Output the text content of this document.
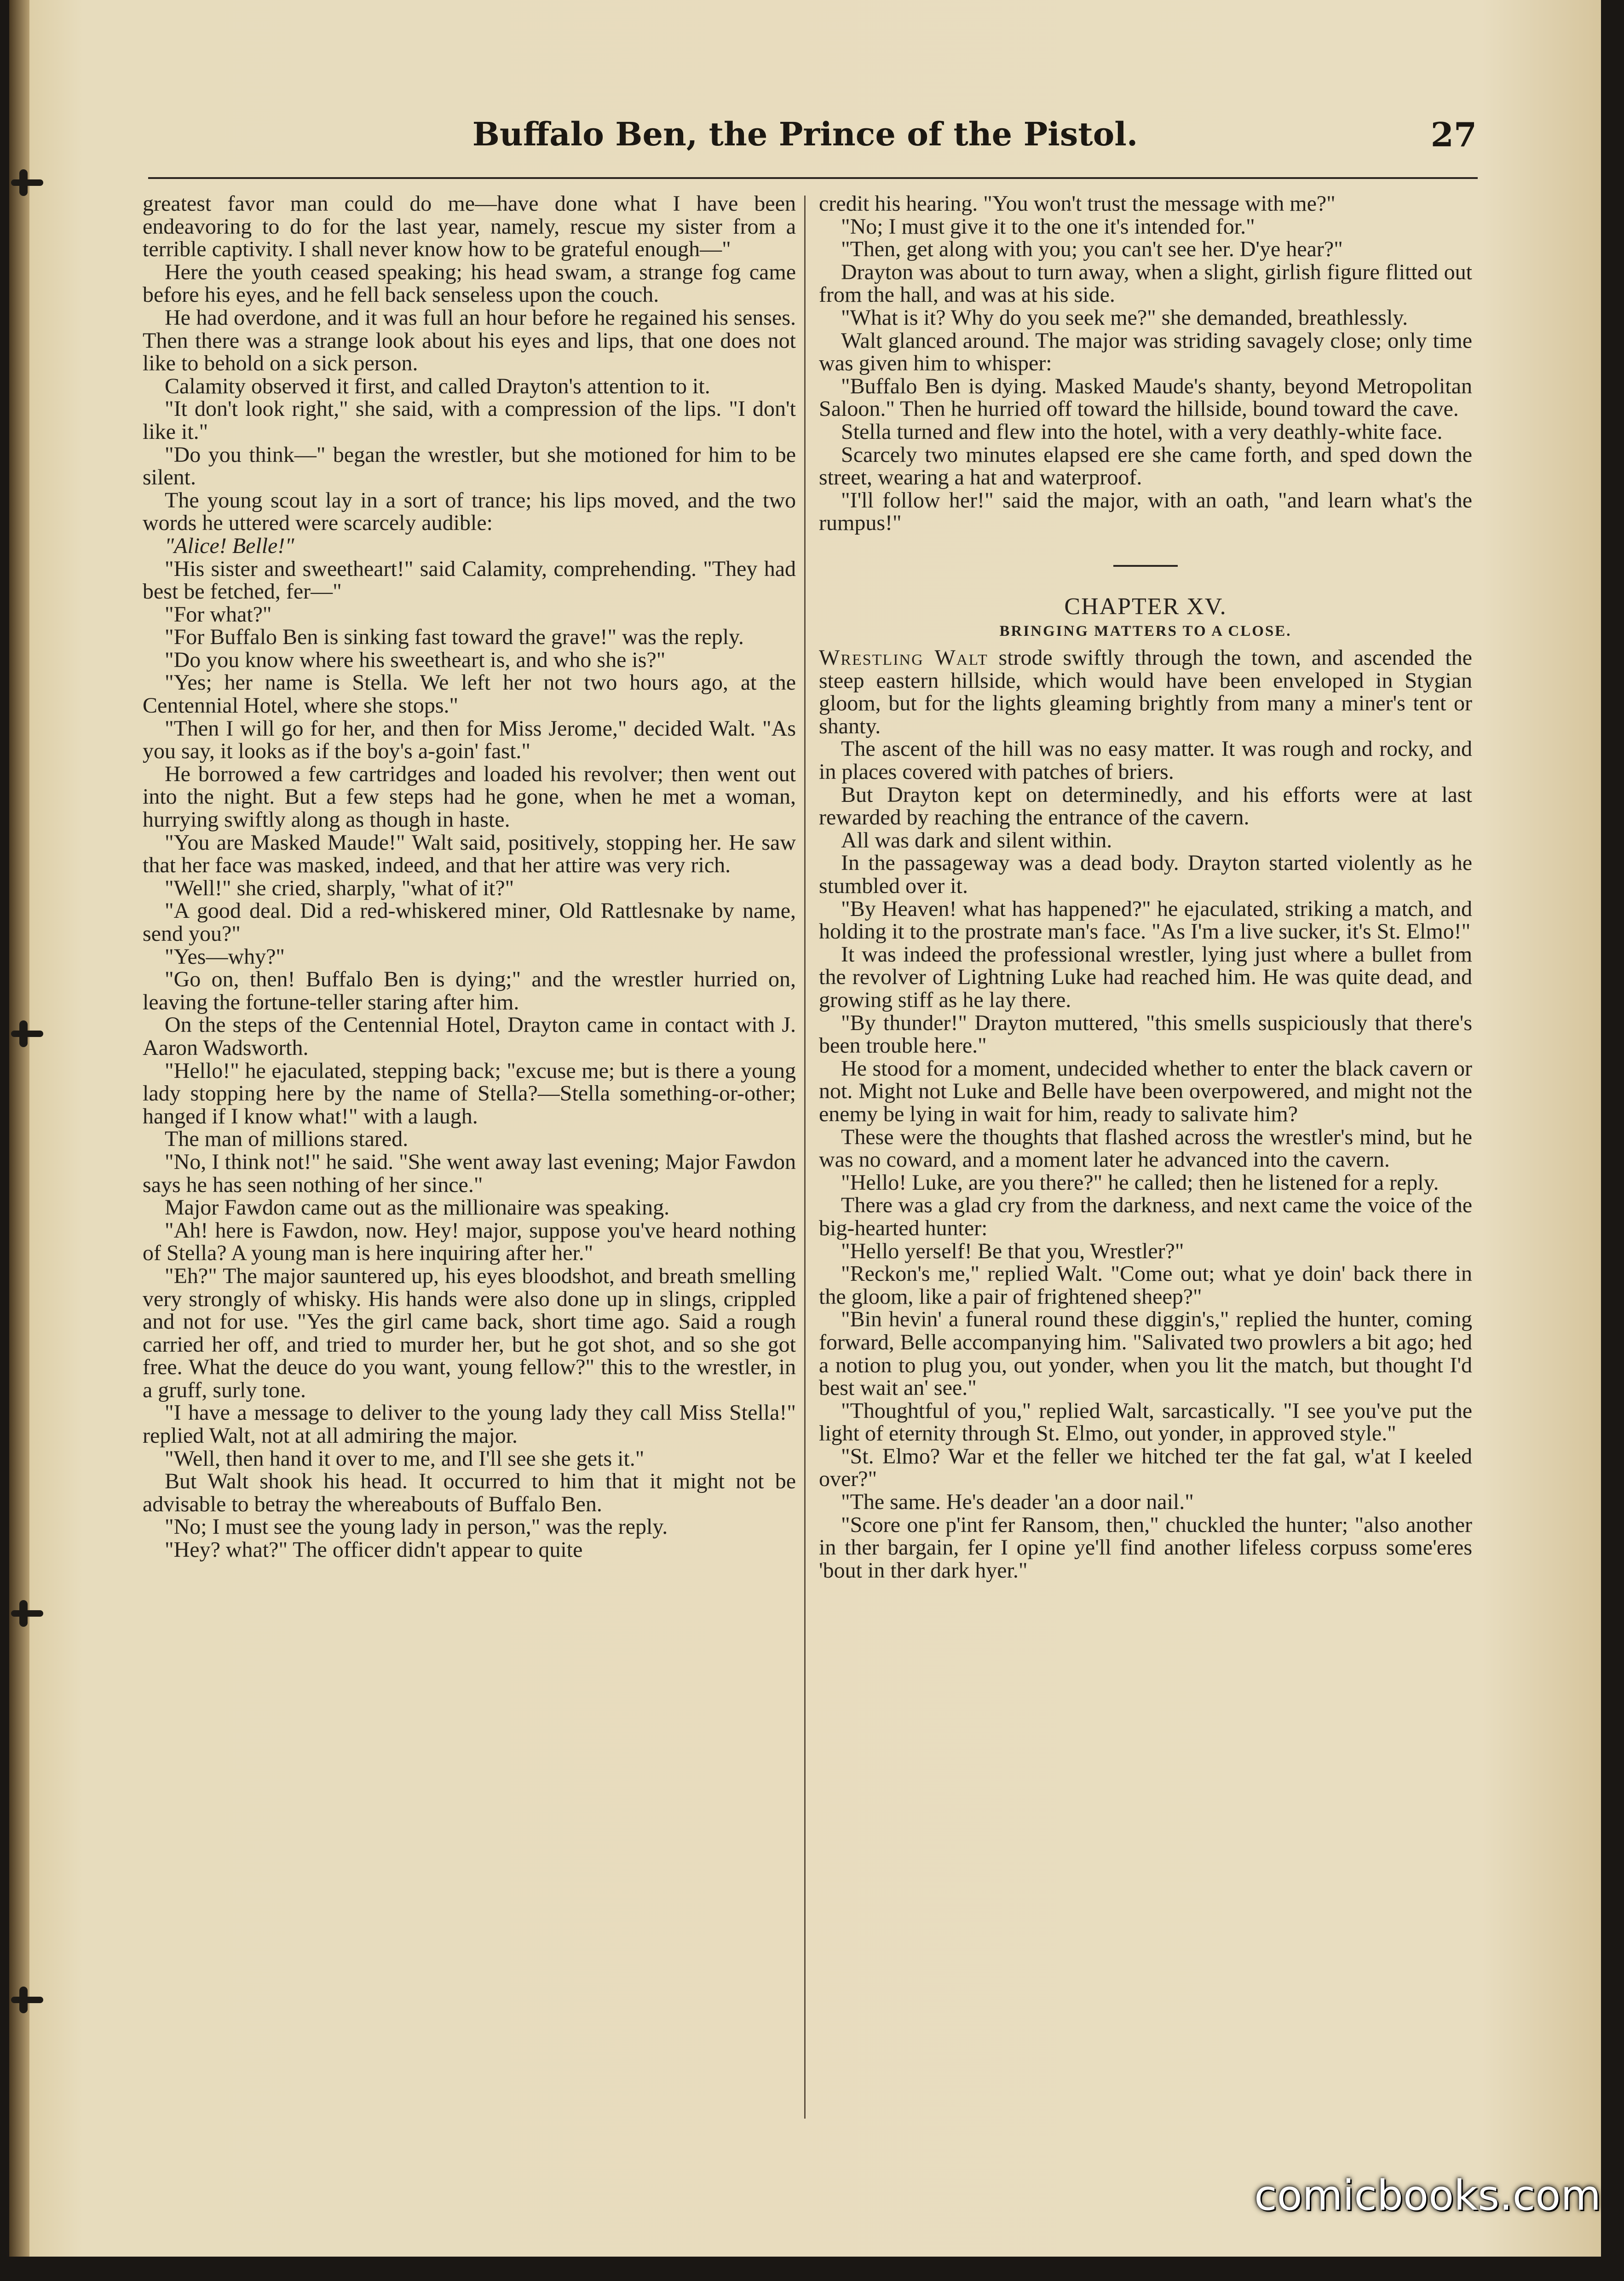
Buffalo Ben, the Prince of the Pistol.	27

greatest favor man could do me—have done what I have been endeavoring to do for the last year, namely, rescue my sister from a terrible captivity. I shall never know how to be grateful enough—"

Here the youth ceased speaking; his head swam, a strange fog came before his eyes, and he fell back senseless upon the couch.

He had overdone, and it was full an hour before he regained his senses. Then there was a strange look about his eyes and lips, that one does not like to behold on a sick person.

Calamity observed it first, and called Drayton's attention to it.

"It don't look right," she said, with a compression of the lips. "I don't like it."

"Do you think—" began the wrestler, but she motioned for him to be silent.

The young scout lay in a sort of trance; his lips moved, and the two words he uttered were scarcely audible:

"Alice! Belle!"

"His sister and sweetheart!" said Calamity, comprehending. "They had best be fetched, fer—"

"For what?"

"For Buffalo Ben is sinking fast toward the grave!" was the reply.

"Do you know where his sweetheart is, and who she is?"

"Yes; her name is Stella. We left her not two hours ago, at the Centennial Hotel, where she stops."

"Then I will go for her, and then for Miss Jerome," decided Walt. "As you say, it looks as if the boy's a-goin' fast."

He borrowed a few cartridges and loaded his revolver; then went out into the night. But a few steps had he gone, when he met a woman, hurrying swiftly along as though in haste.

"You are Masked Maude!" Walt said, positively, stopping her. He saw that her face was masked, indeed, and that her attire was very rich.

"Well!" she cried, sharply, "what of it?"

"A good deal. Did a red-whiskered miner, Old Rattlesnake by name, send you?"

"Yes—why?"

"Go on, then! Buffalo Ben is dying;" and the wrestler hurried on, leaving the fortune-teller staring after him.

On the steps of the Centennial Hotel, Drayton came in contact with J. Aaron Wadsworth.

"Hello!" he ejaculated, stepping back; "excuse me; but is there a young lady stopping here by the name of Stella?—Stella something-or-other; hanged if I know what!" with a laugh.

The man of millions stared.

"No, I think not!" he said. "She went away last evening; Major Fawdon says he has seen nothing of her since."

Major Fawdon came out as the millionaire was speaking.

"Ah! here is Fawdon, now. Hey! major, suppose you've heard nothing of Stella? A young man is here inquiring after her."

"Eh?" The major sauntered up, his eyes bloodshot, and breath smelling very strongly of whisky. His hands were also done up in slings, crippled and not for use. "Yes the girl came back, short time ago. Said a rough carried her off, and tried to murder her, but he got shot, and so she got free. What the deuce do you want, young fellow?" this to the wrestler, in a gruff, surly tone.

"I have a message to deliver to the young lady they call Miss Stella!" replied Walt, not at all admiring the major.

"Well, then hand it over to me, and I'll see she gets it."

But Walt shook his head. It occurred to him that it might not be advisable to betray the whereabouts of Buffalo Ben.

"No; I must see the young lady in person," was the reply.

"Hey? what?" The officer didn't appear to quite

credit his hearing. "You won't trust the message with me?"

"No; I must give it to the one it's intended for."

"Then, get along with you; you can't see her. D'ye hear?"

Drayton was about to turn away, when a slight, girlish figure flitted out from the hall, and was at his side.

"What is it? Why do you seek me?" she demanded, breathlessly.

Walt glanced around. The major was striding savagely close; only time was given him to whisper:

"Buffalo Ben is dying. Masked Maude's shanty, beyond Metropolitan Saloon." Then he hurried off toward the hillside, bound toward the cave.

Stella turned and flew into the hotel, with a very deathly-white face.

Scarcely two minutes elapsed ere she came forth, and sped down the street, wearing a hat and waterproof.

"I'll follow her!" said the major, with an oath, "and learn what's the rumpus!"

CHAPTER XV.
BRINGING MATTERS TO A CLOSE.

Wrestling Walt strode swiftly through the town, and ascended the steep eastern hillside, which would have been enveloped in Stygian gloom, but for the lights gleaming brightly from many a miner's tent or shanty.

The ascent of the hill was no easy matter. It was rough and rocky, and in places covered with patches of briers.

But Drayton kept on determinedly, and his efforts were at last rewarded by reaching the entrance of the cavern.

All was dark and silent within.

In the passageway was a dead body. Drayton started violently as he stumbled over it.

"By Heaven! what has happened?" he ejaculated, striking a match, and holding it to the prostrate man's face. "As I'm a live sucker, it's St. Elmo!"

It was indeed the professional wrestler, lying just where a bullet from the revolver of Lightning Luke had reached him. He was quite dead, and growing stiff as he lay there.

"By thunder!" Drayton muttered, "this smells suspiciously that there's been trouble here."

He stood for a moment, undecided whether to enter the black cavern or not. Might not Luke and Belle have been overpowered, and might not the enemy be lying in wait for him, ready to salivate him?

These were the thoughts that flashed across the wrestler's mind, but he was no coward, and a moment later he advanced into the cavern.

"Hello! Luke, are you there?" he called; then he listened for a reply.

There was a glad cry from the darkness, and next came the voice of the big-hearted hunter:

"Hello yerself! Be that you, Wrestler?"

"Reckon's me," replied Walt. "Come out; what ye doin' back there in the gloom, like a pair of frightened sheep?"

"Bin hevin' a funeral round these diggin's," replied the hunter, coming forward, Belle accompanying him. "Salivated two prowlers a bit ago; hed a notion to plug you, out yonder, when you lit the match, but thought I'd best wait an' see."

"Thoughtful of you," replied Walt, sarcastically. "I see you've put the light of eternity through St. Elmo, out yonder, in approved style."

"St. Elmo? War et the feller we hitched ter the fat gal, w'at I keeled over?"

"The same. He's deader 'an a door nail."

"Score one p'int fer Ransom, then," chuckled the hunter; "also another in ther bargain, fer I opine ye'll find another lifeless corpuss some'eres 'bout in ther dark hyer."

comicbooks.com
